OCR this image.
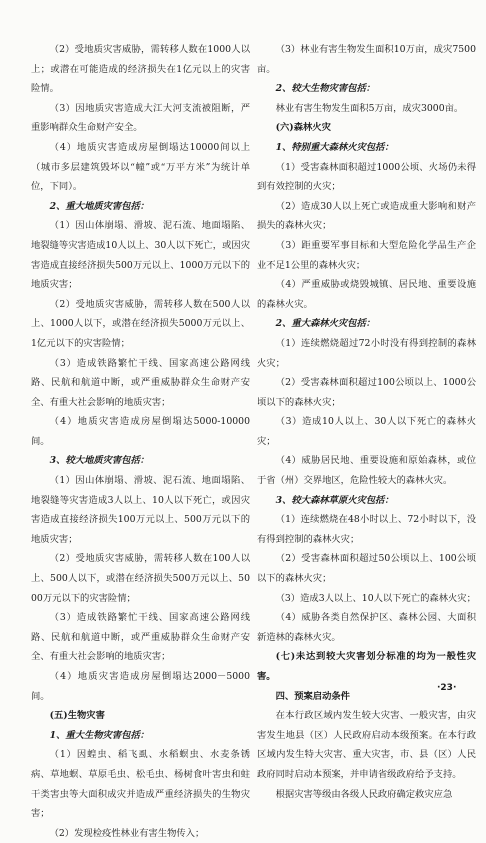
（2）受地质灾害威胁，需转移人数在1000人以上；或潜在可能造成的经济损失在1亿元以上的灾害险情。

（3）因地质灾害造成大江大河支流被阻断，严重影响群众生命财产安全。

（4）地质灾害造成房屋倒塌达10000间以上（城市多层建筑毁坏以“幢”或“万平方米”为统计单位，下同）。

2、重大地质灾害包括：

（1）因山体崩塌、滑坡、泥石流、地面塌陷、地裂缝等灾害造成10人以上、30人以下死亡，或因灾害造成直接经济损失500万元以上、1000万元以下的地质灾害；

（2）受地质灾害威胁，需转移人数在500人以上、1000人以下，或潜在经济损失5000万元以上、1亿元以下的灾害险情；

（3）造成铁路繁忙干线、国家高速公路网线路、民航和航道中断，或严重威胁群众生命财产安全、有重大社会影响的地质灾害；

（4）地质灾害造成房屋倒塌达5000-10000间。

3、较大地质灾害包括：

（1）因山体崩塌、滑坡、泥石流、地面塌陷、地裂缝等灾害造成3人以上、10人以下死亡，或因灾害造成直接经济损失100万元以上、500万元以下的地质灾害；

（2）受地质灾害威胁，需转移人数在100人以上、500人以下，或潜在经济损失500万元以上、5000万元以下的灾害险情；

（3）造成铁路繁忙干线、国家高速公路网线路、民航和航道中断，或严重威胁群众生命财产安全、有重大社会影响的地质灾害；

（4）地质灾害造成房屋倒塌达2000－5000间。

(五)生物灾害

1、重大生物灾害包括：

（1）因蝗虫、稻飞虱、水稻螟虫、水麦条锈病、草地螟、草原毛虫、松毛虫、杨树食叶害虫和蛀干类害虫等大面积成灾并造成严重经济损失的生物灾害；

（2）发现检疫性林业有害生物传入；

（3）林业有害生物发生面积10万亩，成灾7500亩。

2、较大生物灾害包括：

林业有害生物发生面积5万亩，成灾3000亩。

(六)森林火灾

1、特别重大森林火灾包括：

（1）受害森林面积超过1000公顷、火场仍未得到有效控制的火灾；

（2）造成30人以上死亡或造成重大影响和财产损失的森林火灾；

（3）距重要军事目标和大型危险化学品生产企业不足1公里的森林火灾；

（4）严重威胁或烧毁城镇、居民地、重要设施的森林火灾。

2、重大森林火灾包括：

（1）连续燃烧超过72小时没有得到控制的森林火灾；

（2）受害森林面积超过100公顷以上、1000公顷以下的森林火灾；

（3）造成10人以上、30人以下死亡的森林火灾；

（4）威胁居民地、重要设施和原始森林，或位于省（州）交界地区，危险性较大的森林火灾。

3、较大森林草原火灾包括：

（1）连续燃烧在48小时以上、72小时以下，没有得到控制的森林火灾；

（2）受害森林面积超过50公顷以上、100公顷以下的森林火灾；

（3）造成3人以上、10人以下死亡的森林火灾；

（4）威胁各类自然保护区、森林公园、大面积新造林的森林火灾。

(七)未达到较大灾害划分标准的均为一般性灾害。

四、预案启动条件

在本行政区域内发生较大灾害、一般灾害，由灾害发生地县（区）人民政府启动本级预案。在本行政区域内发生特大灾害、重大灾害，市、县（区）人民政府同时启动本预案，并申请省级政府给予支持。

根据灾害等级由各级人民政府确定救灾应急

·23·
